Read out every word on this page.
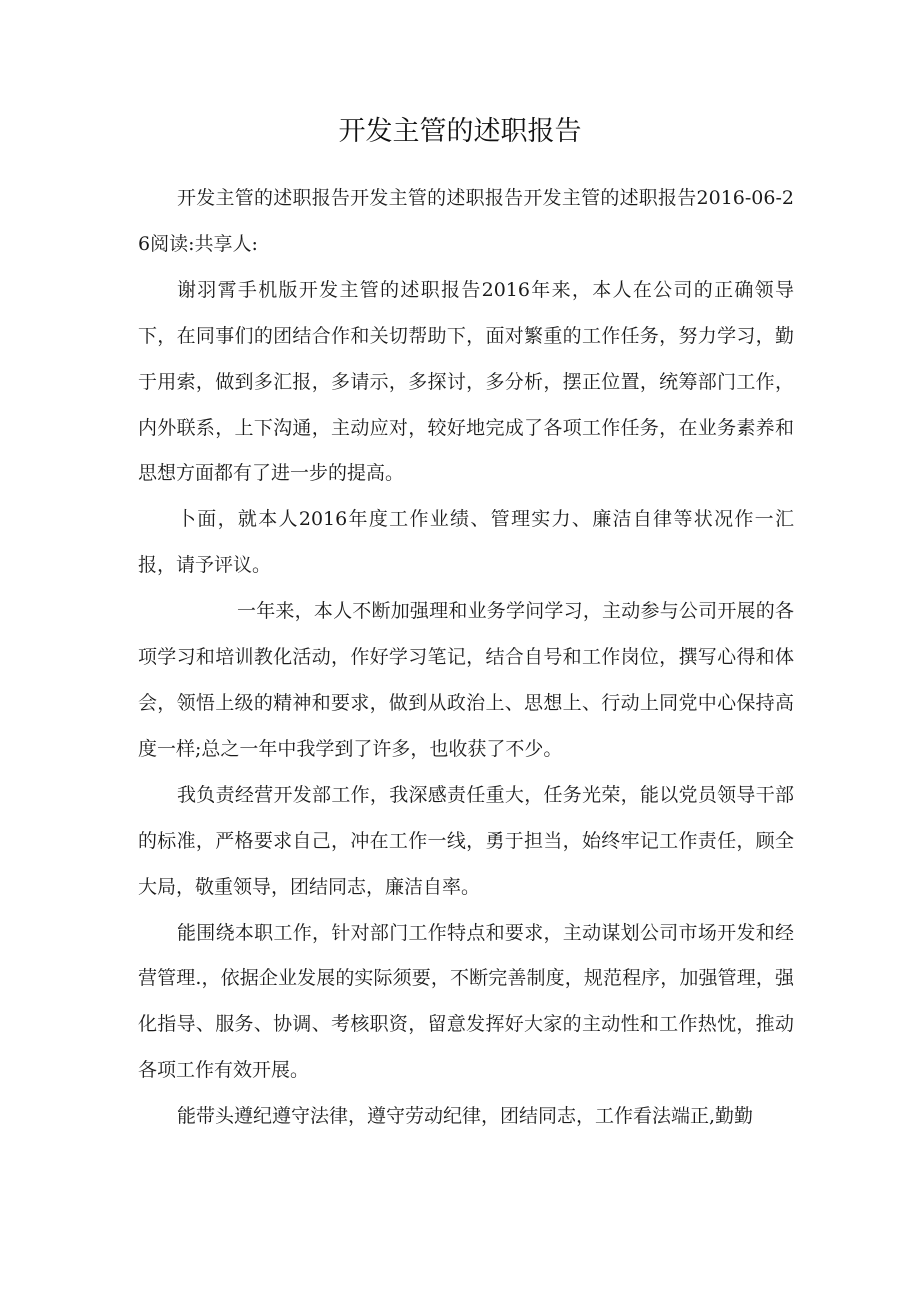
开发主管的述职报告

开发主管的述职报告开发主管的述职报告开发主管的述职报告2016-06-26阅读:共享人:

谢羽霄手机版开发主管的述职报告2016年来，本人在公司的正确领导下，在同事们的团结合作和关切帮助下，面对繁重的工作任务，努力学习，勤于用索，做到多汇报，多请示，多探讨，多分析，摆正位置，统筹部门工作，内外联系，上下沟通，主动应对，较好地完成了各项工作任务，在业务素养和思想方面都有了进一步的提高。

卜面，就本人2016年度工作业绩、管理实力、廉洁自律等状况作一汇报，请予评议。

一年来，本人不断加强理和业务学问学习，主动参与公司开展的各项学习和培训教化活动，作好学习笔记，结合自号和工作岗位，撰写心得和体会，领悟上级的精神和要求，做到从政治上、思想上、行动上同党中心保持高度一样;总之一年中我学到了许多，也收获了不少。

我负责经营开发部工作，我深感责任重大，任务光荣，能以党员领导干部的标准，严格要求自己，冲在工作一线，勇于担当，始终牢记工作责任，顾全大局，敬重领导，团结同志，廉洁自率。

能围绕本职工作，针对部门工作特点和要求，主动谋划公司市场开发和经营管理.，依据企业发展的实际须要，不断完善制度，规范程序，加强管理，强化指导、服务、协调、考核职资，留意发挥好大家的主动性和工作热忱，推动各项工作有效开展。

能带头遵纪遵守法律，遵守劳动纪律，团结同志，工作看法端正,勤勤
